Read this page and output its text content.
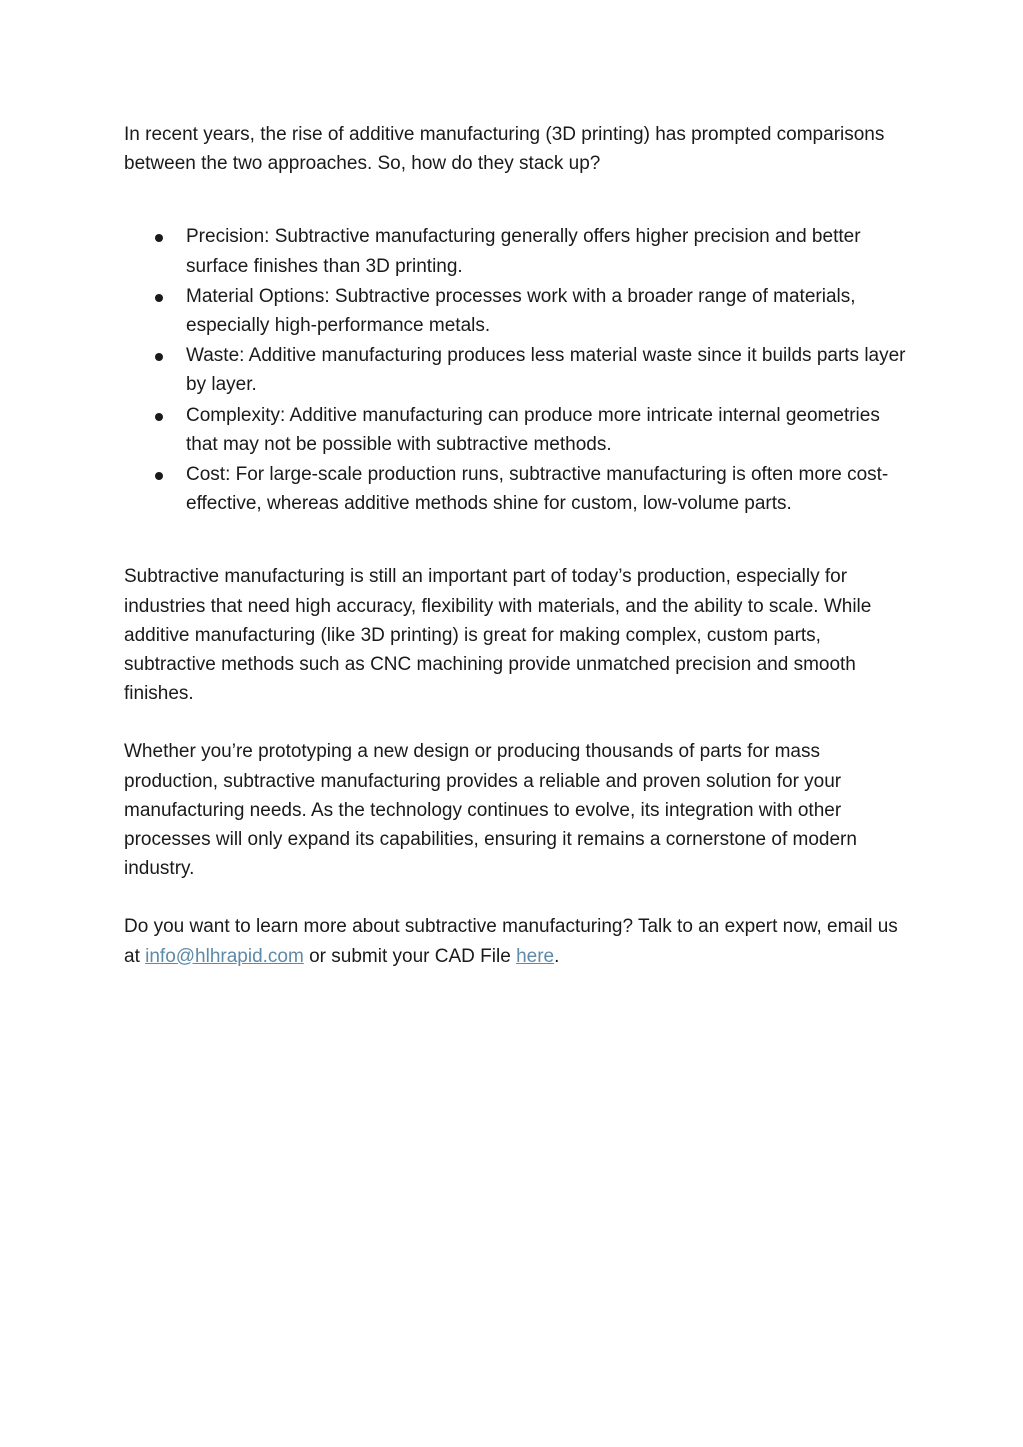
In recent years, the rise of additive manufacturing (3D printing) has prompted comparisons between the two approaches. So, how do they stack up?

Precision: Subtractive manufacturing generally offers higher precision and better surface finishes than 3D printing.
Material Options: Subtractive processes work with a broader range of materials, especially high-performance metals.
Waste: Additive manufacturing produces less material waste since it builds parts layer by layer.
Complexity: Additive manufacturing can produce more intricate internal geometries that may not be possible with subtractive methods.
Cost: For large-scale production runs, subtractive manufacturing is often more cost-effective, whereas additive methods shine for custom, low-volume parts.

Subtractive manufacturing is still an important part of today’s production, especially for industries that need high accuracy, flexibility with materials, and the ability to scale. While additive manufacturing (like 3D printing) is great for making complex, custom parts, subtractive methods such as CNC machining provide unmatched precision and smooth finishes.

Whether you’re prototyping a new design or producing thousands of parts for mass production, subtractive manufacturing provides a reliable and proven solution for your manufacturing needs. As the technology continues to evolve, its integration with other processes will only expand its capabilities, ensuring it remains a cornerstone of modern industry.

Do you want to learn more about subtractive manufacturing? Talk to an expert now, email us at info@hlhrapid.com or submit your CAD File here.
